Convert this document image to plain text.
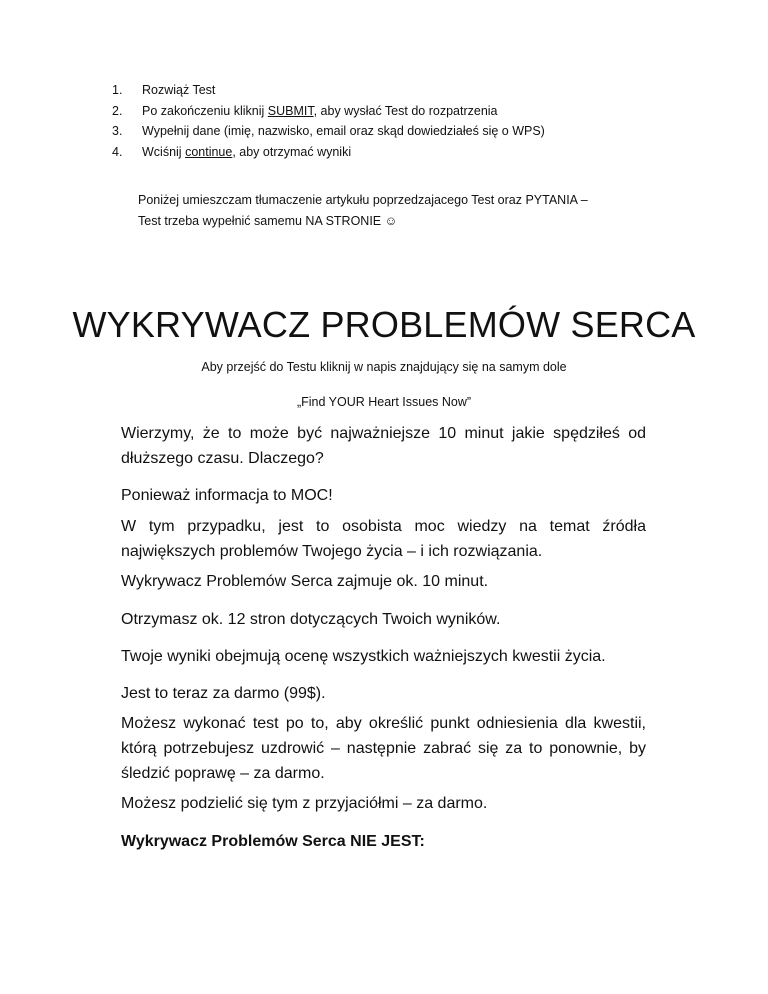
1. Rozwiąż Test
2. Po zakończeniu kliknij SUBMIT, aby wysłać Test do rozpatrzenia
3. Wypełnij dane (imię, nazwisko, email oraz skąd dowiedziałeś się o WPS)
4. Wciśnij continue, aby otrzymać wyniki
Poniżej umieszczam tłumaczenie artykułu poprzedzajacego Test oraz PYTANIA –
Test trzeba wypełnić samemu NA STRONIE ☺
WYKRYWACZ PROBLEMÓW SERCA
Aby przejść do Testu kliknij w napis znajdujący się na samym dole
„Find YOUR Heart Issues Now”

Wierzymy, że to może być najważniejsze 10 minut jakie spędziłeś od dłuższego czasu. Dlaczego?

Ponieważ informacja to MOC!

W tym przypadku, jest to osobista moc wiedzy na temat źródła największych problemów Twojego życia – i ich rozwiązania.

Wykrywacz Problemów Serca zajmuje ok. 10 minut.

Otrzymasz ok. 12 stron dotyczących Twoich wyników.

Twoje wyniki obejmują ocenę wszystkich ważniejszych kwestii życia.

Jest to teraz za darmo (99$).

Możesz wykonać test po to, aby określić punkt odniesienia dla kwestii, którą potrzebujesz uzdrowić – następnie zabrać się za to ponownie, by śledzić poprawę – za darmo.

Możesz podzielić się tym z przyjaciółmi – za darmo.

Wykrywacz Problemów Serca NIE JEST:
